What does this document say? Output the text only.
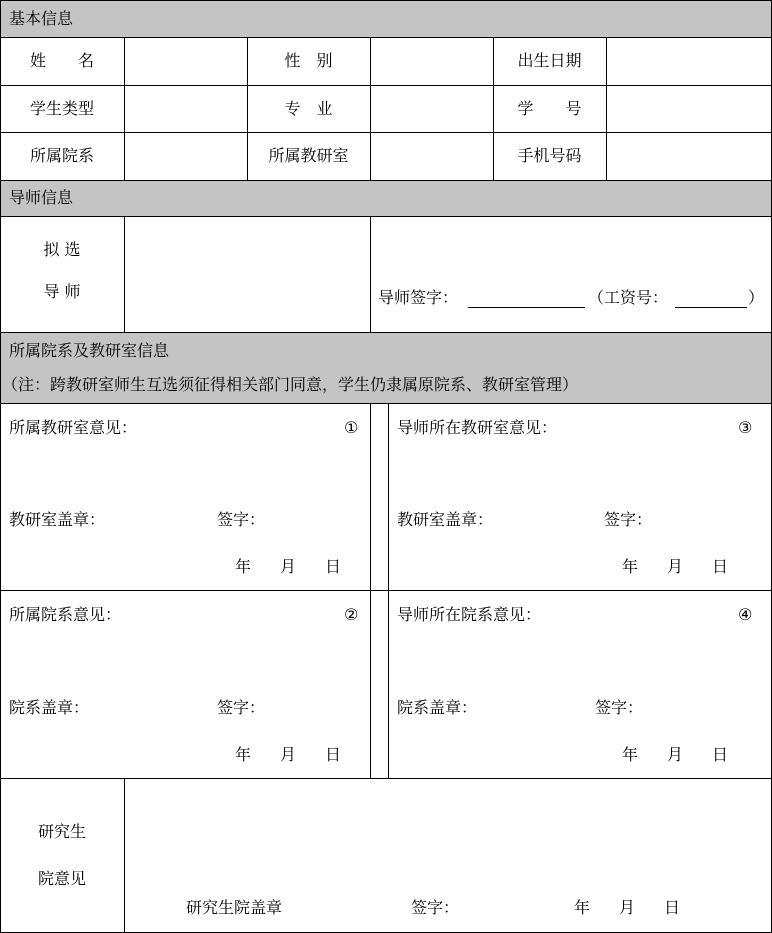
基本信息
导师信息
所属院系及教研室信息
（注：跨教研室师生互选须征得相关部门同意，学生仍隶属原院系、教研室管理）
姓　　名	性　别	出生日期
学生类型	专　业	学　　号
所属院系	所属教研室	手机号码
拟 选
导 师	导师签字：	（工资号：	）
所属教研室意见：	①
教研室盖章：	签字：
年 月 日
导师所在教研室意见：	③
教研室盖章：	签字：
年 月 日
所属院系意见：	②
院系盖章：	签字：
年 月 日
导师所在院系意见：	④
院系盖章：	签字：
年 月 日
研究生
院意见
研究生院盖章	签字：	年 月 日
